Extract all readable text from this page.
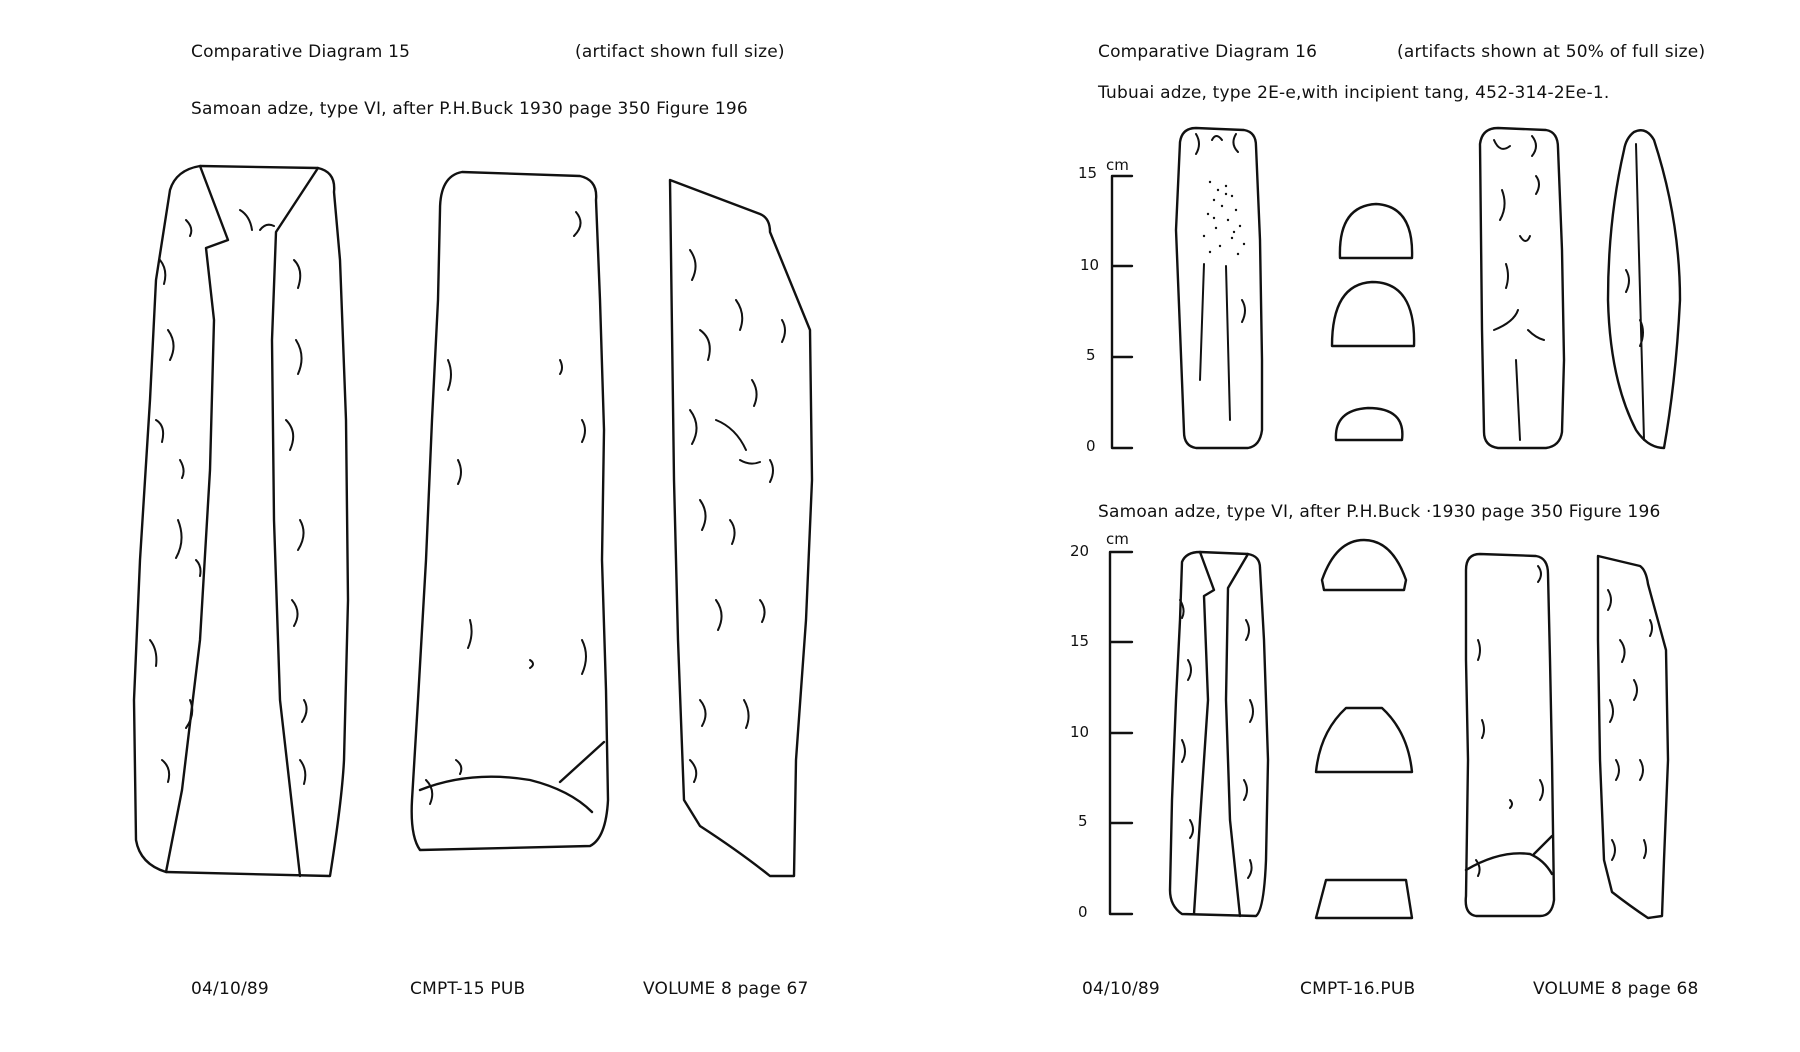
Comparative Diagram 15	(artifact shown full size)
Samoan adze, type VI, after P.H.Buck 1930 page 350 Figure 196
04/10/89	CMPT-15 PUB	VOLUME 8 page 67
Comparative Diagram 16	(artifacts shown at 50% of full size)
Tubuai adze, type 2E-e,with incipient tang, 452-314-2Ee-1.
cm
15
10
5
0
Samoan adze, type VI, after P.H.Buck ·1930 page 350 Figure 196
cm
20
15
10
5
0
04/10/89	CMPT-16.PUB	VOLUME 8 page 68
